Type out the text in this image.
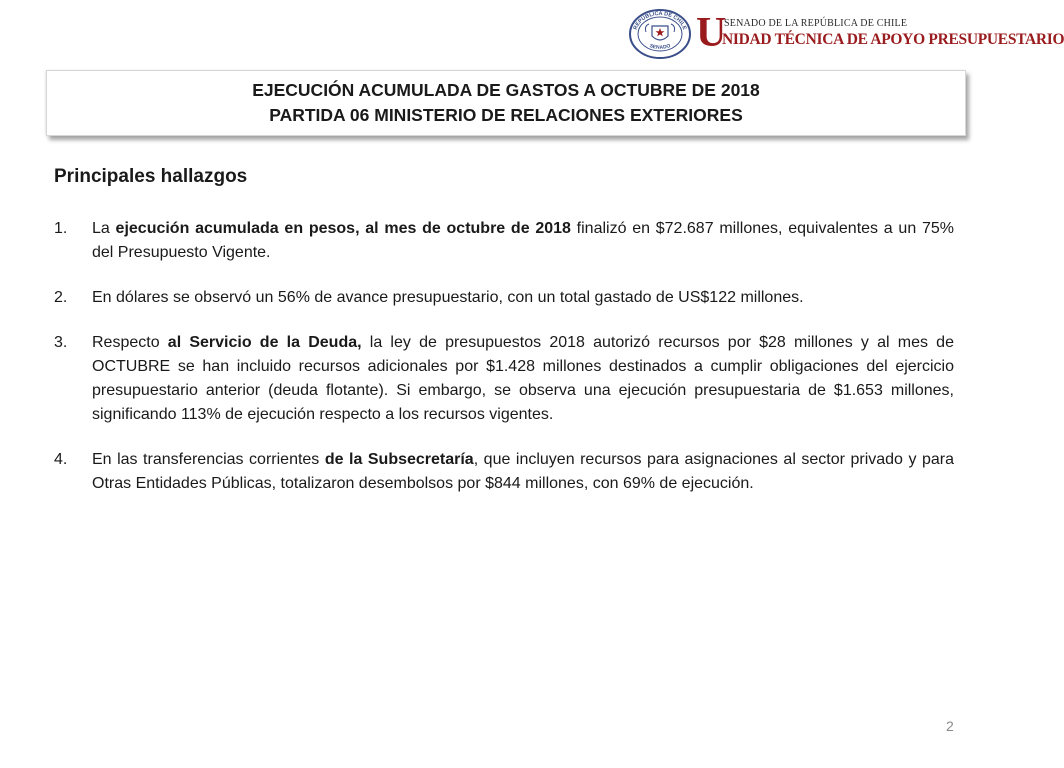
REPÚBLICA DE CHILE
SENADO U
SENADO DE LA REPÚBLICA DE CHILE
NIDAD TÉCNICA DE APOYO PRESUPUESTARIO
EJECUCIÓN ACUMULADA DE GASTOS A OCTUBRE DE 2018
PARTIDA 06 MINISTERIO DE RELACIONES EXTERIORES
Principales hallazgos
1.	La ejecución acumulada en pesos, al mes de octubre de 2018 finalizó en $72.687 millones, equivalentes a un 75% del Presupuesto Vigente.
2.	En dólares se observó un 56% de avance presupuestario, con un total gastado de US$122 millones.
3.	Respecto al Servicio de la Deuda, la ley de presupuestos 2018 autorizó recursos por $28 millones y al mes de OCTUBRE se han incluido recursos adicionales por $1.428 millones destinados a cumplir obligaciones del ejercicio presupuestario anterior (deuda flotante). Si embargo, se observa una ejecución presupuestaria de $1.653 millones, significando 113% de ejecución respecto a los recursos vigentes.
4.	En las transferencias corrientes de la Subsecretaría, que incluyen recursos para asignaciones al sector privado y para Otras Entidades Públicas, totalizaron desembolsos por $844 millones, con 69% de ejecución.
2
